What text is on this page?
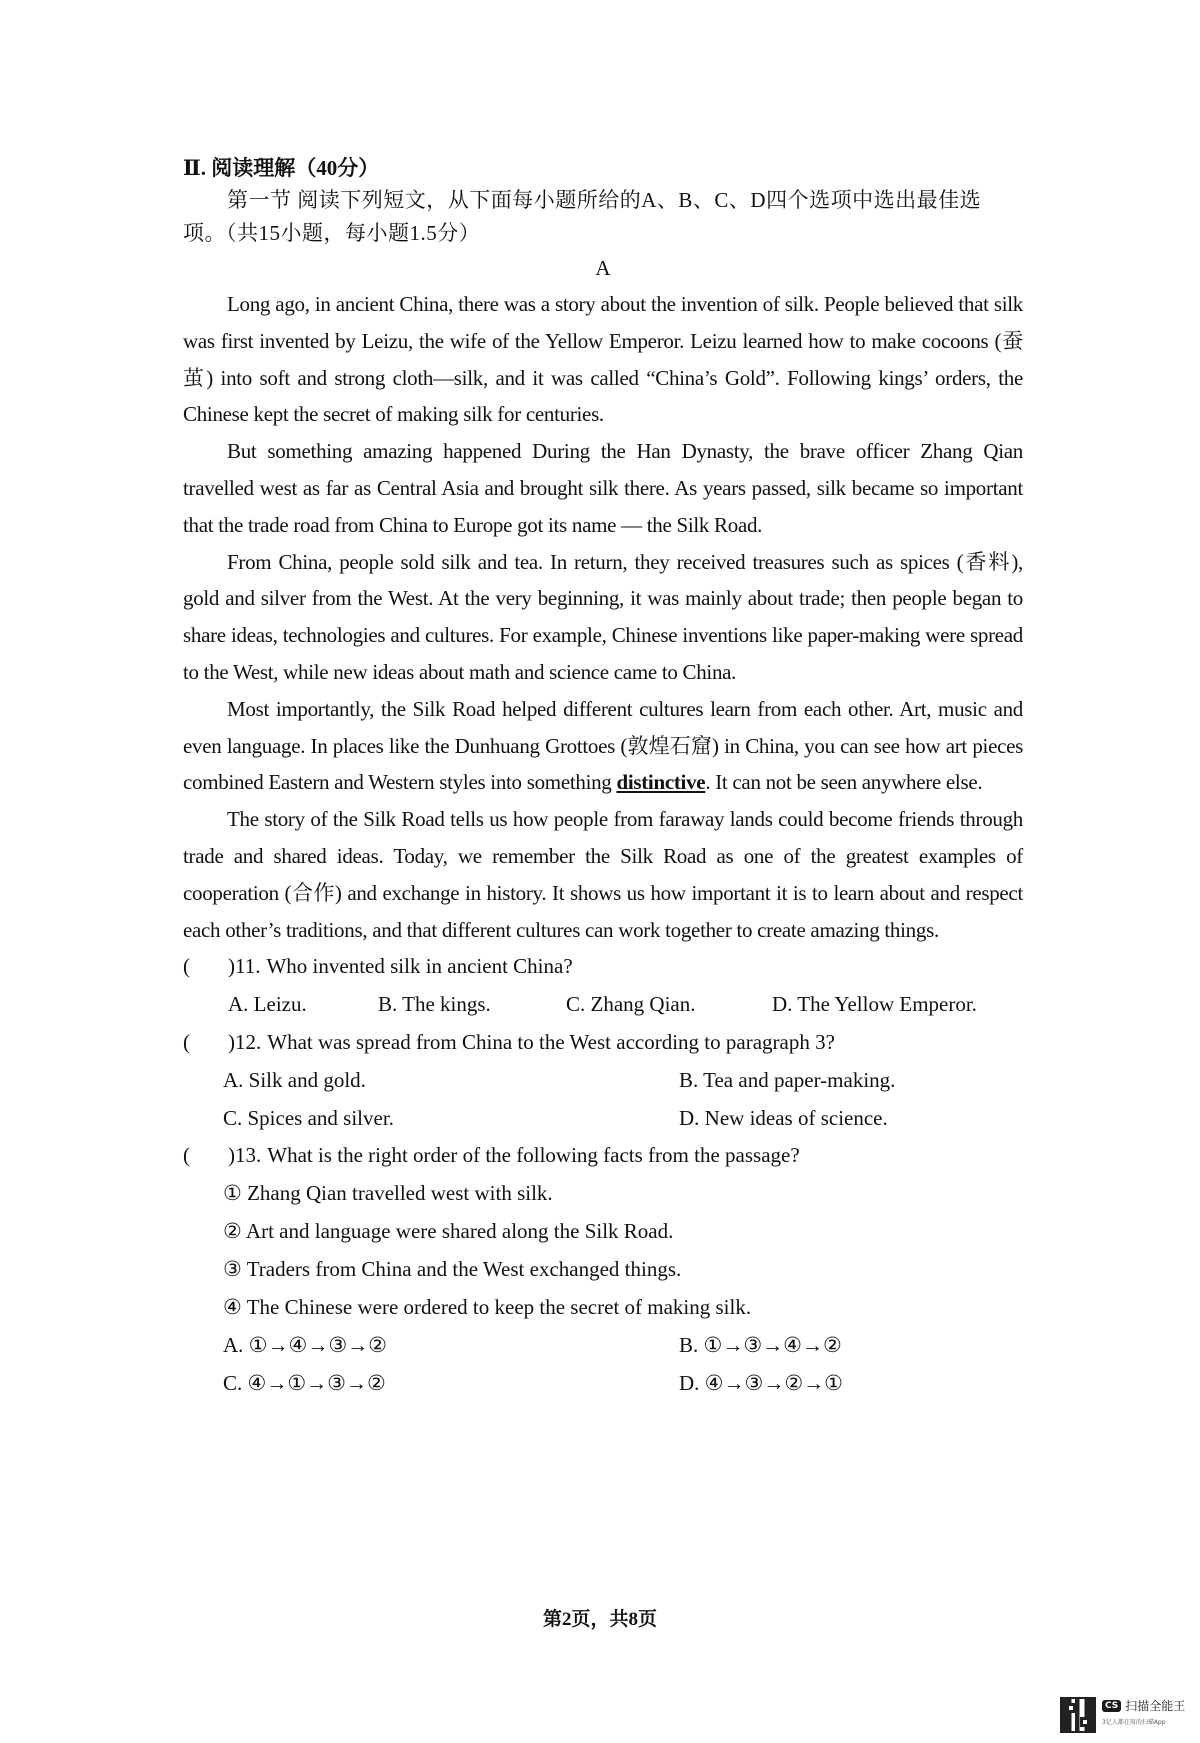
Ⅱ. 阅读理解（40分）

第一节 阅读下列短文，从下面每小题所给的A、B、C、D四个选项中选出最佳选项。（共15小题，每小题1.5分）

A

Long ago, in ancient China, there was a story about the invention of silk. People believed that silk was first invented by Leizu, the wife of the Yellow Emperor. Leizu learned how to make cocoons (蚕茧) into soft and strong cloth—silk, and it was called “China’s Gold”. Following kings’ orders, the Chinese kept the secret of making silk for centuries.

But something amazing happened During the Han Dynasty, the brave officer Zhang Qian travelled west as far as Central Asia and brought silk there. As years passed, silk became so important that the trade road from China to Europe got its name — the Silk Road.

From China, people sold silk and tea. In return, they received treasures such as spices (香料), gold and silver from the West. At the very beginning, it was mainly about trade; then people began to share ideas, technologies and cultures. For example, Chinese inventions like paper-making were spread to the West, while new ideas about math and science came to China.

Most importantly, the Silk Road helped different cultures learn from each other. Art, music and even language. In places like the Dunhuang Grottoes (敦煌石窟) in China, you can see how art pieces combined Eastern and Western styles into something distinctive. It can not be seen anywhere else.

The story of the Silk Road tells us how people from faraway lands could become friends through trade and shared ideas. Today, we remember the Silk Road as one of the greatest examples of cooperation (合作) and exchange in history. It shows us how important it is to learn about and respect each other’s traditions, and that different cultures can work together to create amazing things.

(	) 11. Who invented silk in ancient China?
A. Leizu.	B. The kings.	C. Zhang Qian.	D. The Yellow Emperor.
(	) 12. What was spread from China to the West according to paragraph 3?
A. Silk and gold.	B. Tea and paper-making.
C. Spices and silver.	D. New ideas of science.
(	) 13. What is the right order of the following facts from the passage?
① Zhang Qian travelled west with silk.
② Art and language were shared along the Silk Road.
③ Traders from China and the West exchanged things.
④ The Chinese were ordered to keep the secret of making silk.
A. ①→④→③→②	B. ①→③→④→②
C. ④→①→③→②	D. ④→③→②→①
第2页，共8页
CS 扫描全能王
3亿人都在用的扫描App
